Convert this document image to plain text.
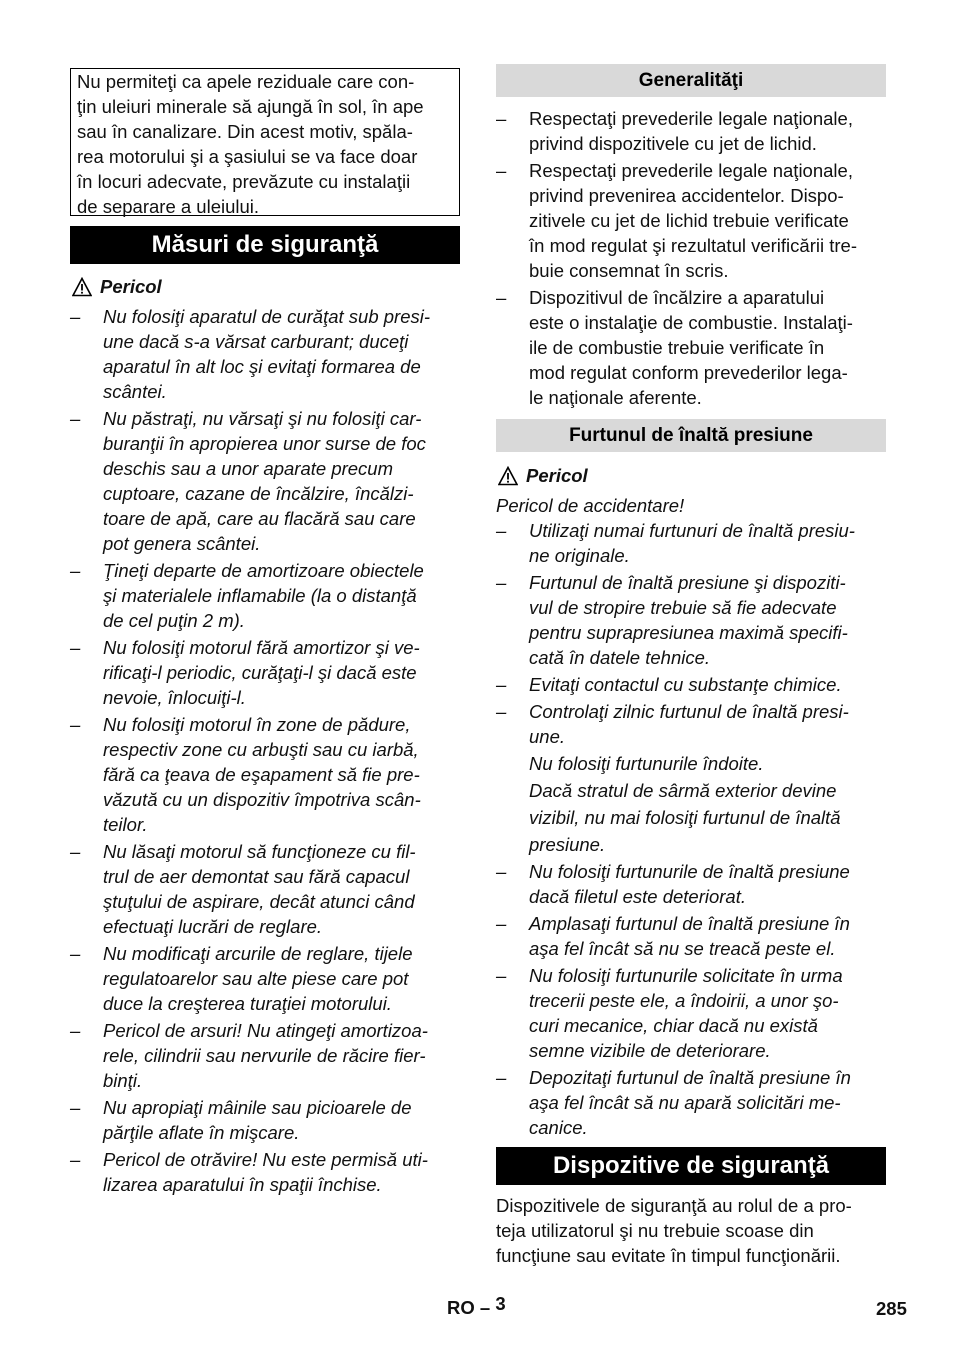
Nu permiteţi ca apele reziduale care con-

ţin uleiuri minerale să ajungă în sol, în ape

sau în canalizare. Din acest motiv, spăla-

rea motorului şi a şasiului se va face doar

în locuri adecvate, prevăzute cu instalaţii

de separare a uleiului.

Măsuri de siguranţă
Pericol
–	Nu folosiţi aparatul de curăţat sub presi-
une dacă s-a vărsat carburant; duceţi
aparatul în alt loc şi evitaţi formarea de
scântei.
–	Nu păstraţi, nu vărsaţi şi nu folosiţi car-
buranţii în apropierea unor surse de foc
deschis sau a unor aparate precum
cuptoare, cazane de încălzire, încălzi-
toare de apă, care au flacără sau care
pot genera scântei.
–	Ţineţi departe de amortizoare obiectele
şi materialele inflamabile (la o distanţă
de cel puţin 2 m).
–	Nu folosiţi motorul fără amortizor şi ve-
rificaţi-l periodic, curăţaţi-l şi dacă este
nevoie, înlocuiţi-l.
–	Nu folosiţi motorul în zone de pădure,
respectiv zone cu arbuşti sau cu iarbă,
fără ca ţeava de eşapament să fie pre-
văzută cu un dispozitiv împotriva scân-
teilor.
–	Nu lăsaţi motorul să funcţioneze cu fil-
trul de aer demontat sau fără capacul
ştuţului de aspirare, decât atunci când
efectuaţi lucrări de reglare.
–	Nu modificaţi arcurile de reglare, tijele
regulatoarelor sau alte piese care pot
duce la creşterea turaţiei motorului.
–	Pericol de arsuri! Nu atingeţi amortizoa-
rele, cilindrii sau nervurile de răcire fier-
binţi.
–	Nu apropiaţi mâinile sau picioarele de
părţile aflate în mişcare.
–	Pericol de otrăvire! Nu este permisă uti-
lizarea aparatului în spaţii închise.
Generalităţi
–	Respectaţi prevederile legale naţionale,
privind dispozitivele cu jet de lichid.
–	Respectaţi prevederile legale naţionale,
privind prevenirea accidentelor. Dispo-
zitivele cu jet de lichid trebuie verificate
în mod regulat şi rezultatul verificării tre-
buie consemnat în scris.
–	Dispozitivul de încălzire a aparatului
este o instalaţie de combustie. Instalaţi-
ile de combustie trebuie verificate în
mod regulat conform prevederilor lega-
le naţionale aferente.
Furtunul de înaltă presiune
Pericol
Pericol de accidentare!
–	Utilizaţi numai furtunuri de înaltă presiu-
ne originale.
–	Furtunul de înaltă presiune şi dispoziti-
vul de stropire trebuie să fie adecvate
pentru suprapresiunea maximă specifi-
cată în datele tehnice.
–	Evitaţi contactul cu substanţe chimice.
–	Controlaţi zilnic furtunul de înaltă presi-
une.
Nu folosiţi furtunurile îndoite.
Dacă stratul de sârmă exterior devine
vizibil, nu mai folosiţi furtunul de înaltă
presiune.
–	Nu folosiţi furtunurile de înaltă presiune
dacă filetul este deteriorat.
–	Amplasaţi furtunul de înaltă presiune în
aşa fel încât să nu se treacă peste el.
–	Nu folosiţi furtunurile solicitate în urma
trecerii peste ele, a îndoirii, a unor şo-
curi mecanice, chiar dacă nu există
semne vizibile de deteriorare.
–	Depozitaţi furtunul de înaltă presiune în
aşa fel încât să nu apară solicitări me-
canice.
Dispozitive de siguranţă
Dispozitivele de siguranţă au rolul de a pro-
teja utilizatorul şi nu trebuie scoase din
funcţiune sau evitate în timpul funcţionării.
RO – 3	285
